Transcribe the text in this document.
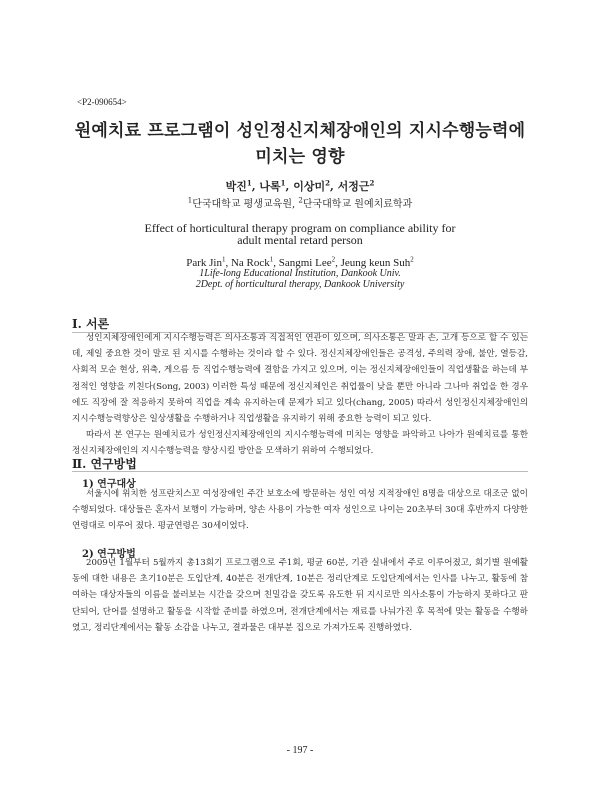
<P2-090654>
원예치료 프로그램이 성인정신지체장애인의 지시수행능력에
미치는 영향
박진$^1$, 나록$^1$, 이상미$^2$, 서정근$^2$
$^1$단국대학교 평생교육원, $^2$단국대학교 원예치료학과
Effect of horticultural therapy program on compliance ability for
adult mental retard person
Park Jin$^1$, Na Rock$^1$, Sangmi Lee$^2$, Jeung keun Suh$^2$
1Life-long Educational Institution, Dankook Univ.
2Dept. of horticultural therapy, Dankook University
Ⅰ. 서론

성인지체장애인에게 지시수행능력은 의사소통과 직접적인 연관이 있으며, 의사소통은 말과 손, 고개 등으로 할 수 있는데, 제일 중요한 것이 말로 된 지시를 수행하는 것이라 할 수 있다. 정신지체장애인들은 공격성, 주의력 장애, 불안, 열등감, 사회적 모순 현상, 위축, 게으름 등 직업수행능력에 결함을 가지고 있으며, 이는 정신지체장애인들이 직업생활을 하는데 부정적인 영향을 끼친다(Song, 2003) 이러한 특성 때문에 정신지체인은 취업률이 낮을 뿐만 아니라 그나마 취업을 한 경우에도 직장에 잘 적응하지 못하여 직업을 계속 유지하는데 문제가 되고 있다(chang, 2005) 따라서 성인정신지체장애인의 지시수행능력향상은 일상생활을 수행하거나 직업생활을 유지하기 위해 중요한 능력이 되고 있다.

따라서 본 연구는 원예치료가 성인정신지체장애인의 지시수행능력에 미치는 영향을 파악하고 나아가 원예치료를 통한 정신지체장애인의 지시수행능력을 향상시킬 방안을 모색하기 위하여 수행되었다.

Ⅱ. 연구방법
1) 연구대상

서울시에 위치한 성프란치스꼬 여성장애인 주간 보호소에 방문하는 성인 여성 지적장애인 8명을 대상으로 대조군 없이 수행되었다. 대상들은 혼자서 보행이 가능하며, 양손 사용이 가능한 여자 성인으로 나이는 20초부터 30대 후반까지 다양한 연령대로 이루어 졌다. 평균연령은 30세이었다.

2) 연구방법

2009년 1월부터 5월까지 총13회기 프로그램으로 주1회, 평균 60분, 기관 실내에서 주로 이루어졌고, 회기별 원예활동에 대한 내용은 초기10분은 도입단계, 40분은 전개단계, 10분은 정리단계로 도입단계에서는 인사를 나누고, 활동에 참여하는 대상자들의 이름을 불러보는 시간을 갖으며 친밀감을 갖도록 유도한 뒤 지시로만 의사소통이 가능하지 못하다고 판단되어, 단어를 설명하고 활동을 시작할 준비를 하였으며, 전개단계에서는 재료를 나눠가진 후 목적에 맞는 활동을 수행하였고, 정리단계에서는 활동 소감을 나누고, 결과물은 대부분 집으로 가져가도록 진행하였다.

- 197 -
